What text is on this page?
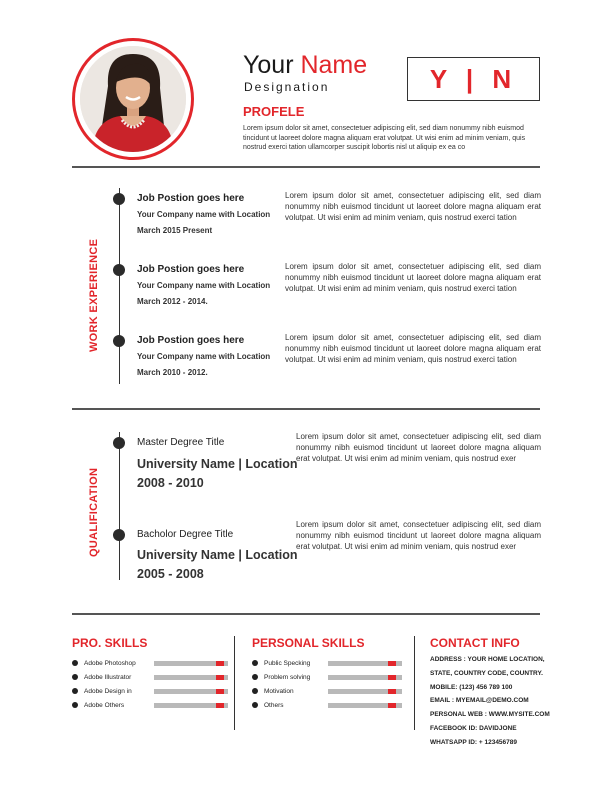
Your Name
Designation	Y | N
PROFELE
Lorem ipsum dolor sit amet, consectetuer adipiscing elit, sed diam nonummy nibh euismod tincidunt ut laoreet dolore magna aliquam erat volutpat. Ut wisi enim ad minim veniam, quis nostrud exerci tation ullamcorper suscipit lobortis nisl ut aliquip ex ea co
WORK EXPERIENCE
Job Postion goes here
Your Company name with Location
March 2015 Present
Lorem ipsum dolor sit amet, consectetuer adipiscing elit, sed diam nonummy nibh euismod tincidunt ut laoreet dolore magna aliquam erat volutpat. Ut wisi enim ad minim veniam, quis nostrud exerci tation
Job Postion goes here
Your Company name with Location
March 2012 - 2014.
Lorem ipsum dolor sit amet, consectetuer adipiscing elit, sed diam nonummy nibh euismod tincidunt ut laoreet dolore magna aliquam erat volutpat. Ut wisi enim ad minim veniam, quis nostrud exerci tation
Job Postion goes here
Your Company name with Location
March 2010 - 2012.
Lorem ipsum dolor sit amet, consectetuer adipiscing elit, sed diam nonummy nibh euismod tincidunt ut laoreet dolore magna aliquam erat volutpat. Ut wisi enim ad minim veniam, quis nostrud exerci tation
QUALIFICATION
Master Degree Title
University Name | Location
2008 - 2010
Lorem ipsum dolor sit amet, consectetuer adipiscing elit, sed diam nonummy nibh euismod tincidunt ut laoreet dolore magna aliquam erat volutpat. Ut wisi enim ad minim veniam, quis nostrud exer
Bacholor Degree Title
University Name | Location
2005 - 2008
Lorem ipsum dolor sit amet, consectetuer adipiscing elit, sed diam nonummy nibh euismod tincidunt ut laoreet dolore magna aliquam erat volutpat. Ut wisi enim ad minim veniam, quis nostrud exer
PRO. SKILLS
Adobe Photoshop
Adobe Illustrator
Adobe Design in
Adobe Others
PERSONAL SKILLS
Public Specking
Problem solving
Motivation
Others
CONTACT INFO
ADDRESS : YOUR HOME LOCATION,
STATE, COUNTRY CODE, COUNTRY.
MOBILE: (123) 456 789 100
EMAIL : MYEMAIL@DEMO.COM
PERSONAL WEB : WWW.MYSITE.COM
FACEBOOK ID: DAVIDJONE
WHATSAPP ID: + 123456789
